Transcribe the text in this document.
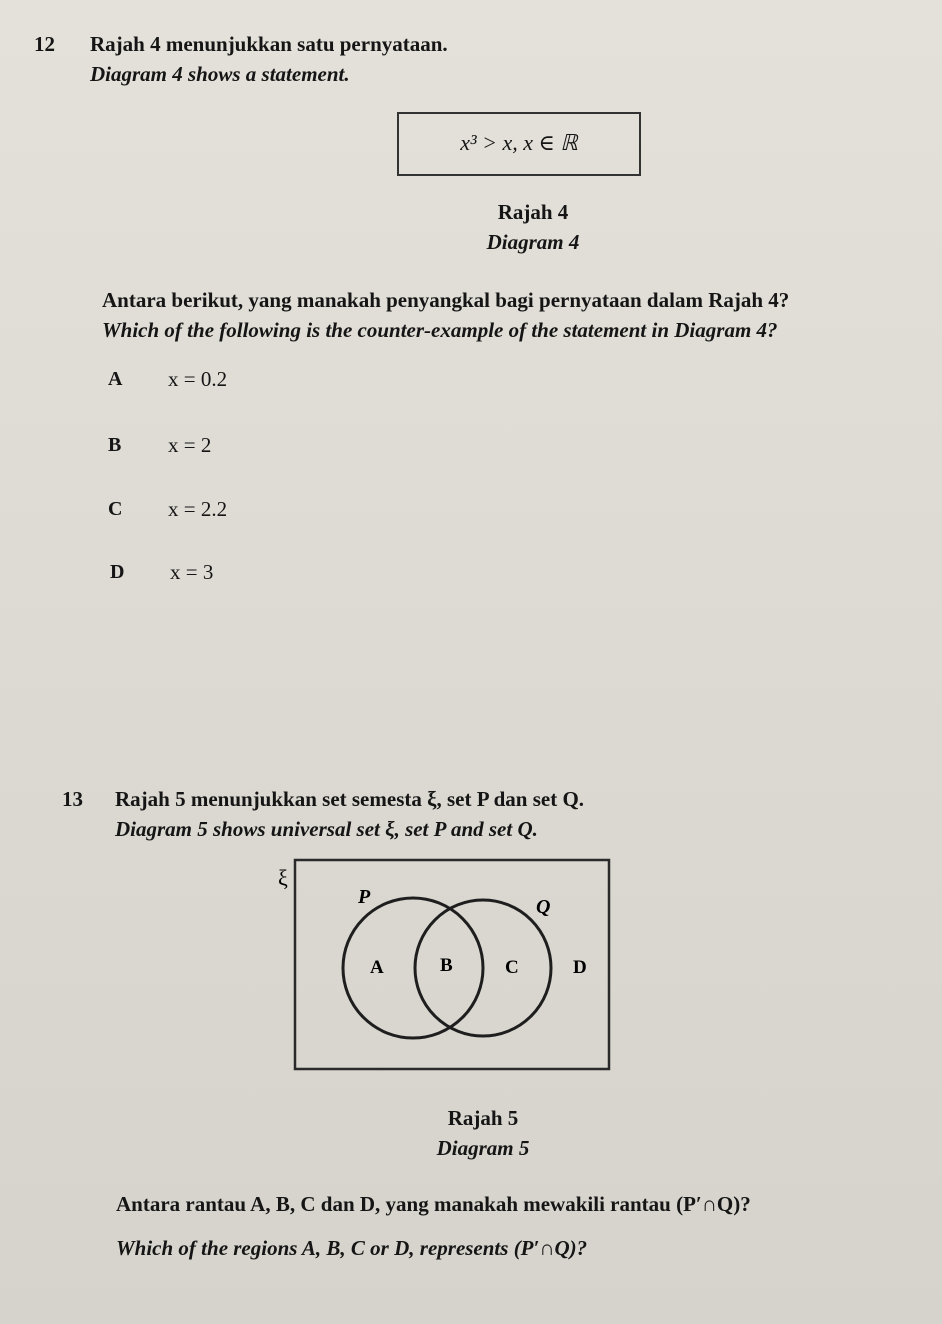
12 Rajah 4 menunjukkan satu pernyataan.
Diagram 4 shows a statement.
x³ > x, x ∈ ℝ
Rajah 4
Diagram 4
Antara berikut, yang manakah penyangkal bagi pernyataan dalam Rajah 4?
Which of the following is the counter-example of the statement in Diagram 4?
A x = 0.2
B x = 2
C x = 2.2
D x = 3
13 Rajah 5 menunjukkan set semesta ξ, set P dan set Q.
Diagram 5 shows universal set ξ, set P and set Q.
ξ
P	Q
A	B	C	D
Rajah 5
Diagram 5
Antara rantau A, B, C dan D, yang manakah mewakili rantau (P′∩Q)?
Which of the regions A, B, C or D, represents (P′∩Q)?
